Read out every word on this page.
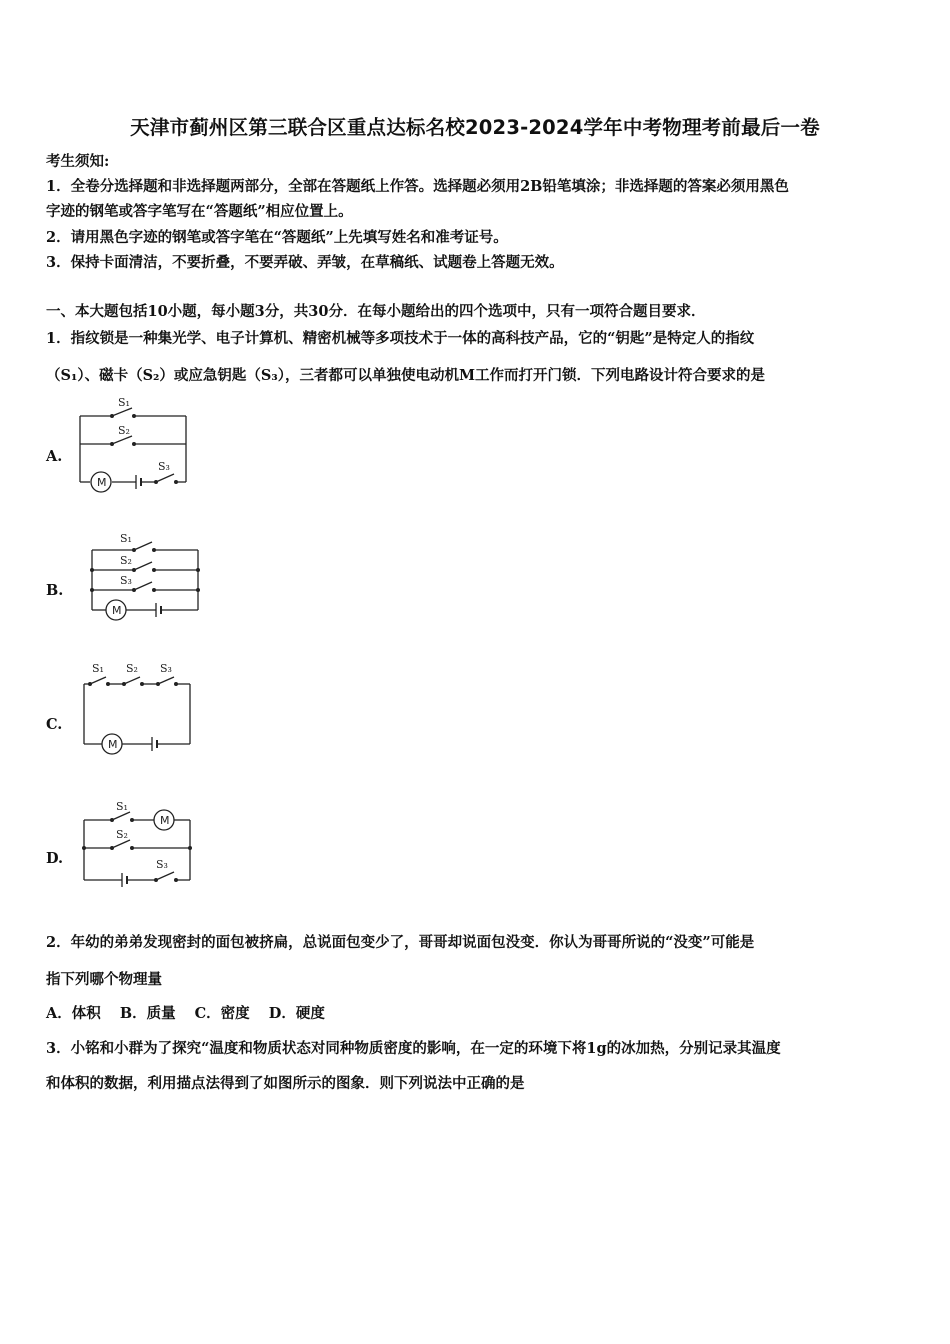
天津市蓟州区第三联合区重点达标名校2023-2024学年中考物理考前最后一卷
考生须知:
1．全卷分选择题和非选择题两部分，全部在答题纸上作答。选择题必须用2B铅笔填涂；非选择题的答案必须用黑色
字迹的钢笔或答字笔写在“答题纸”相应位置上。
2．请用黑色字迹的钢笔或答字笔在“答题纸”上先填写姓名和准考证号。
3．保持卡面清洁，不要折叠，不要弄破、弄皱，在草稿纸、试题卷上答题无效。
一、本大题包括10小题，每小题3分，共30分．在每小题给出的四个选项中，只有一项符合题目要求．
1．指纹锁是一种集光学、电子计算机、精密机械等多项技术于一体的高科技产品，它的“钥匙”是特定人的指纹
（S₁）、磁卡（S₂）或应急钥匙（S₃），三者都可以单独使电动机M工作而打开门锁．下列电路设计符合要求的是
A.
S₁
S₂
S₃
M
B.
S₁
S₂
S₃
M
C.
S₁ S₂ S₃
M
D.
S₁
S₂
S₃
M
2．年幼的弟弟发现密封的面包被挤扁，总说面包变少了，哥哥却说面包没变．你认为哥哥所说的“没变”可能是
指下列哪个物理量
A．体积 B．质量 C．密度 D．硬度
3．小铭和小群为了探究“温度和物质状态对同种物质密度的影响，在一定的环境下将1g的冰加热，分别记录其温度
和体积的数据，利用描点法得到了如图所示的图象．则下列说法中正确的是
